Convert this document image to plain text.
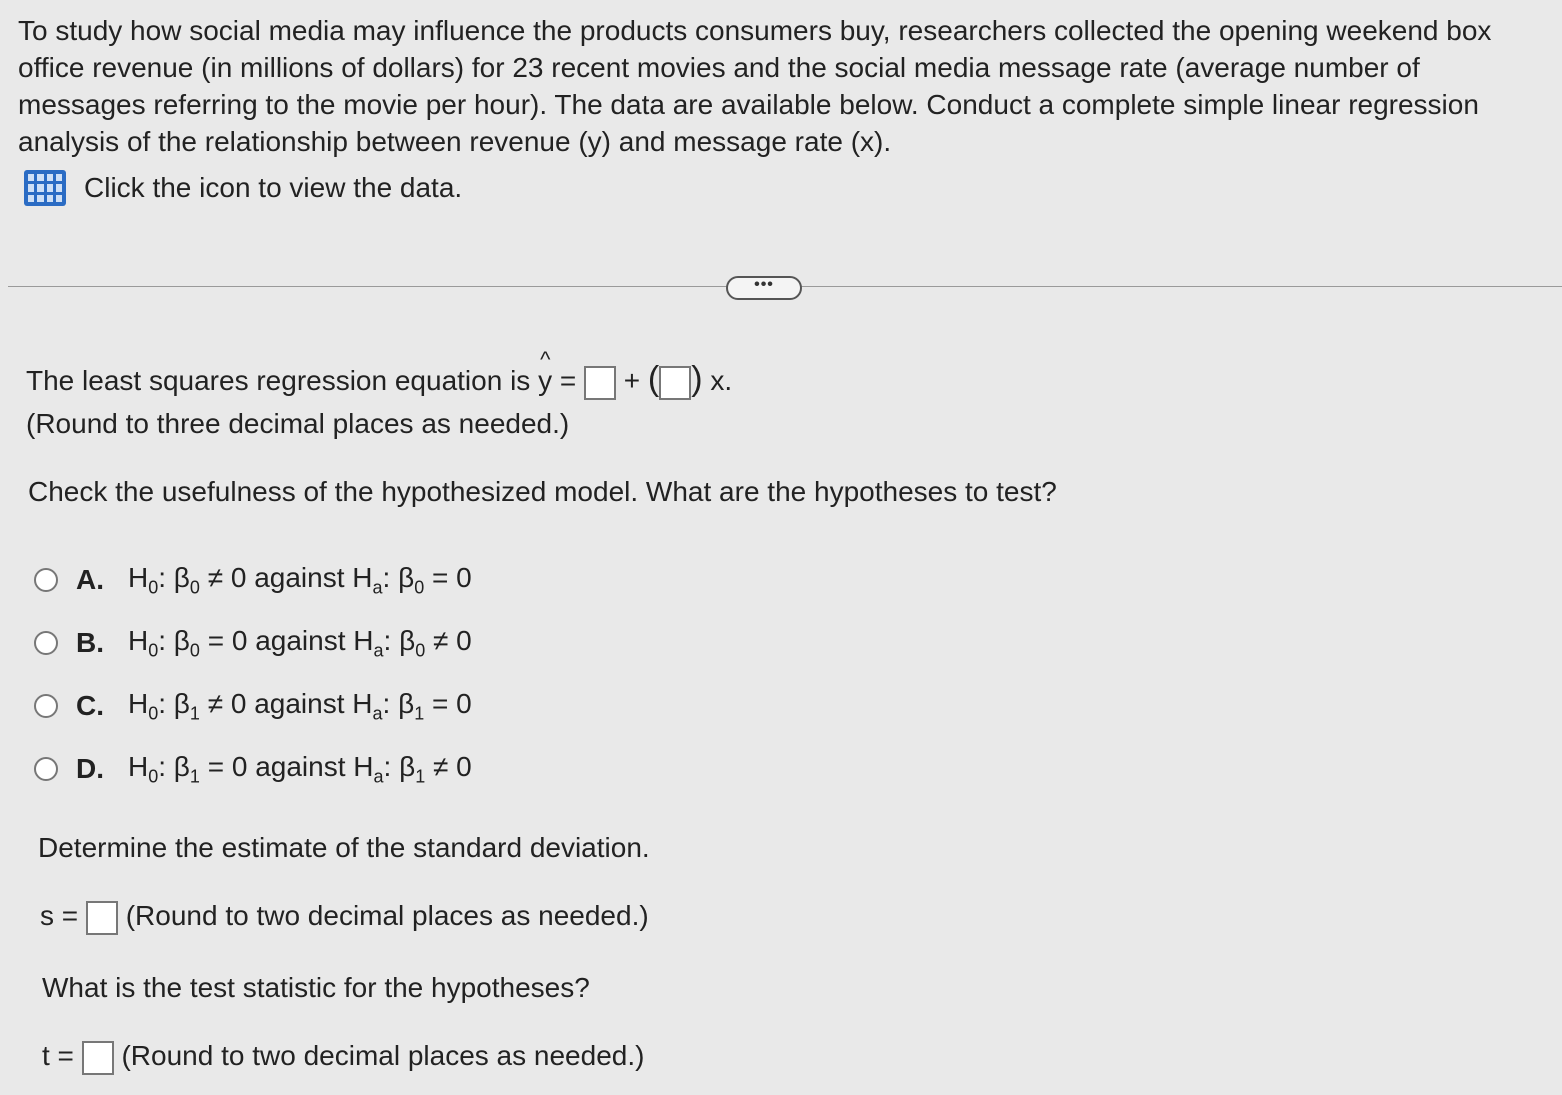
To study how social media may influence the products consumers buy, researchers collected the opening weekend box office revenue (in millions of dollars) for 23 recent movies and the social media message rate (average number of messages referring to the movie per hour). The data are available below. Conduct a complete simple linear regression analysis of the relationship between revenue (y) and message rate (x).
Click the icon to view the data.
•••
The least squares regression equation is ^ y = + ( ) x.
(Round to three decimal places as needed.)
Check the usefulness of the hypothesized model. What are the hypotheses to test?
A. $H_0$: $\beta_0 \ne 0$ against $H_a$: $\beta_0 = 0$
B. $H_0$: $\beta_0 = 0$ against $H_a$: $\beta_0 \ne 0$
C. $H_0$: $\beta_1 \ne 0$ against $H_a$: $\beta_1 = 0$
D. $H_0$: $\beta_1 = 0$ against $H_a$: $\beta_1 \ne 0$
Determine the estimate of the standard deviation.
s = (Round to two decimal places as needed.)
What is the test statistic for the hypotheses?
t = (Round to two decimal places as needed.)
